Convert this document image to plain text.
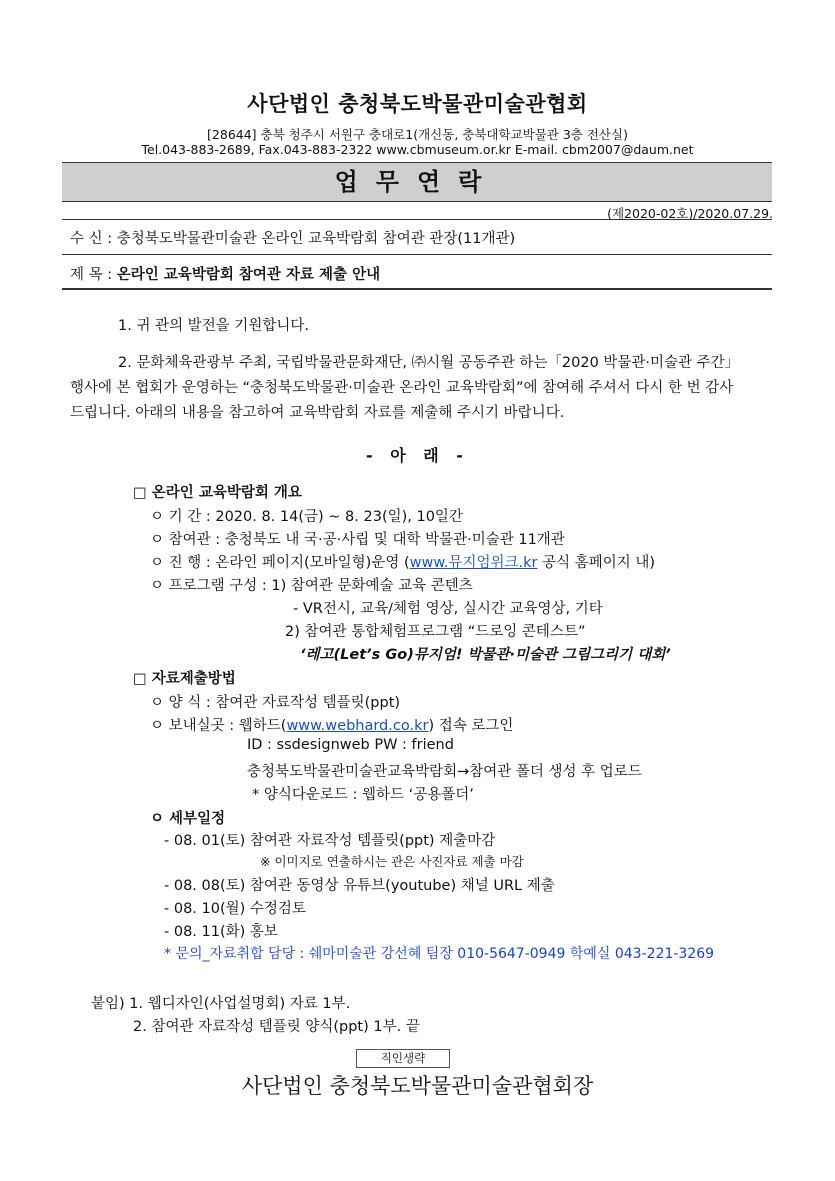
사단법인 충청북도박물관미술관협회
[28644] 충북 청주시 서원구 충대로1(개신동, 충북대학교박물관 3층 전산실)
Tel.043-883-2689, Fax.043-883-2322 www.cbmuseum.or.kr E-mail. cbm2007@daum.net
업무연락
(제2020-02호)/2020.07.29.
수 신 : 충청북도박물관미술관 온라인 교육박람회 참여관 관장(11개관)
제 목 : 온라인 교육박람회 참여관 자료 제출 안내
1. 귀 관의 발전을 기원합니다.
2. 문화체육관광부 주최, 국립박물관문화재단, ㈜시월 공동주관 하는「2020 박물관·미술관 주간」
행사에 본 협회가 운영하는 “충청북도박물관·미술관 온라인 교육박람회”에 참여해 주셔서 다시 한 번 감사
드립니다. 아래의 내용을 참고하여 교육박람회 자료를 제출해 주시기 바랍니다.
- 아 래 -
□ 온라인 교육박람회 개요
ㅇ 기 간 : 2020. 8. 14(금) ~ 8. 23(일), 10일간
ㅇ 참여관 : 충청북도 내 국·공·사립 및 대학 박물관·미술관 11개관
ㅇ 진 행 : 온라인 페이지(모바일형)운영 (www.뮤지엄위크.kr 공식 홈페이지 내)
ㅇ 프로그램 구성 : 1) 참여관 문화예술 교육 콘텐츠
- VR전시, 교육/체험 영상, 실시간 교육영상, 기타
2) 참여관 통합체험프로그램 “드로잉 콘테스트”
‘레고(Let’s Go)뮤지엄! 박물관·미술관 그림그리기 대회’
□ 자료제출방법
ㅇ 양 식 : 참여관 자료작성 템플릿(ppt)
ㅇ 보내실곳 : 웹하드(www.webhard.co.kr) 접속 로그인
ID : ssdesignweb PW : friend
충청북도박물관미술관교육박람회→참여관 폴더 생성 후 업로드
* 양식다운로드 : 웹하드 ‘공용폴더’
ㅇ 세부일정
- 08. 01(토) 참여관 자료작성 템플릿(ppt) 제출마감
※ 이미지로 연출하시는 관은 사진자료 제출 마감
- 08. 08(토) 참여관 동영상 유튜브(youtube) 채널 URL 제출
- 08. 10(월) 수정검토
- 08. 11(화) 홍보
* 문의_자료취합 담당 : 쉐마미술관 강선혜 팀장 010-5647-0949 학예실 043-221-3269
붙임) 1. 웹디자인(사업설명회) 자료 1부.
2. 참여관 자료작성 템플릿 양식(ppt) 1부. 끝
직인생략
사단법인 충청북도박물관미술관협회장
